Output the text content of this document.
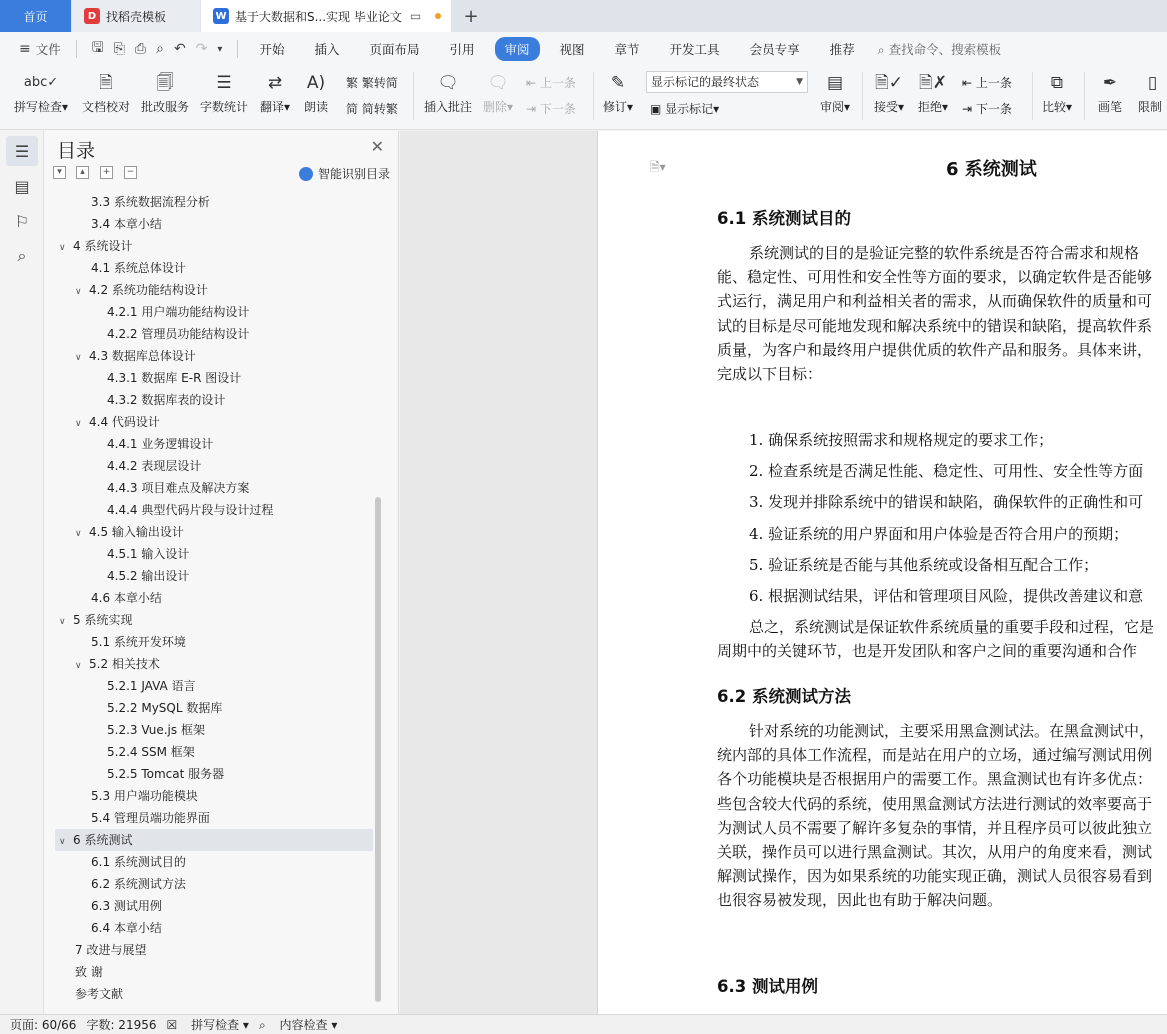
首页	D 找稻壳模板	W 基于大数据和S...实现 毕业论文 ▭ +
≡ 文件 🖫 ⎘ ⎙ ⌕ ↶ ↷ ▾	开始	插入	页面布局	引用	审阅	视图	章节	开发工具	会员专享	推荐	⌕ 查找命令、搜索模板
abc✓
拼写检查▾
🗎
文档校对
🗐
批改服务
☰
字数统计
⇄
翻译▾
A)
朗读
繁 繁转简
简 简转繁
🗨
插入批注
🗨
删除▾
⇤ 上一条
⇥ 下一条
✎
修订▾
显示标记的最终状态	▼
▣ 显示标记▾
▤
审阅▾
🗎✓
接受▾
🗎✗
拒绝▾
⇤ 上一条
⇥ 下一条
⧉
比较▾
✒
画笔
▯
限制
☰
▤
⚐
⌕
目录	✕
▾	▴	+	−	智能识别目录
3.3 系统数据流程分析
3.4 本章小结
∨ 4 系统设计
4.1 系统总体设计
∨ 4.2 系统功能结构设计
4.2.1 用户端功能结构设计
4.2.2 管理员功能结构设计
∨ 4.3 数据库总体设计
4.3.1 数据库 E-R 图设计
4.3.2 数据库表的设计
∨ 4.4 代码设计
4.4.1 业务逻辑设计
4.4.2 表现层设计
4.4.3 项目难点及解决方案
4.4.4 典型代码片段与设计过程
∨ 4.5 输入输出设计
4.5.1 输入设计
4.5.2 输出设计
4.6 本章小结
∨ 5 系统实现
5.1 系统开发环境
∨ 5.2 相关技术
5.2.1 JAVA 语言
5.2.2 MySQL 数据库
5.2.3 Vue.js 框架
5.2.4 SSM 框架
5.2.5 Tomcat 服务器
5.3 用户端功能模块
5.4 管理员端功能界面
∨ 6 系统测试
6.1 系统测试目的
6.2 系统测试方法
6.3 测试用例
6.4 本章小结
7 改进与展望
致 谢
参考文献
🗎▾	6 系统测试
6.1 系统测试目的
系统测试的目的是验证完整的软件系统是否符合需求和规格
能、稳定性、可用性和安全性等方面的要求，以确定软件是否能够
式运行，满足用户和利益相关者的需求，从而确保软件的质量和可
试的目标是尽可能地发现和解决系统中的错误和缺陷，提高软件系
质量，为客户和最终用户提供优质的软件产品和服务。具体来讲，
完成以下目标：
1. 确保系统按照需求和规格规定的要求工作；
2. 检查系统是否满足性能、稳定性、可用性、安全性等方面
3. 发现并排除系统中的错误和缺陷，确保软件的正确性和可
4. 验证系统的用户界面和用户体验是否符合用户的预期；
5. 验证系统是否能与其他系统或设备相互配合工作；
6. 根据测试结果，评估和管理项目风险，提供改善建议和意
总之，系统测试是保证软件系统质量的重要手段和过程，它是
周期中的关键环节，也是开发团队和客户之间的重要沟通和合作
针对系统的功能测试，主要采用黑盒测试法。在黑盒测试中，
统内部的具体工作流程，而是站在用户的立场，通过编写测试用例
各个功能模块是否根据用户的需要工作。黑盒测试也有许多优点：
些包含较大代码的系统，使用黑盒测试方法进行测试的效率要高于
为测试人员不需要了解许多复杂的事情，并且程序员可以彼此独立
关联，操作员可以进行黑盒测试。其次，从用户的角度来看，测试
解测试操作，因为如果系统的功能实现正确，测试人员很容易看到
也很容易被发现，因此也有助于解决问题。
6.2 系统测试方法
6.3 测试用例
页面: 60/66 字数: 21956 ☒ 拼写检查 ▾ ⌕ 内容检查 ▾
